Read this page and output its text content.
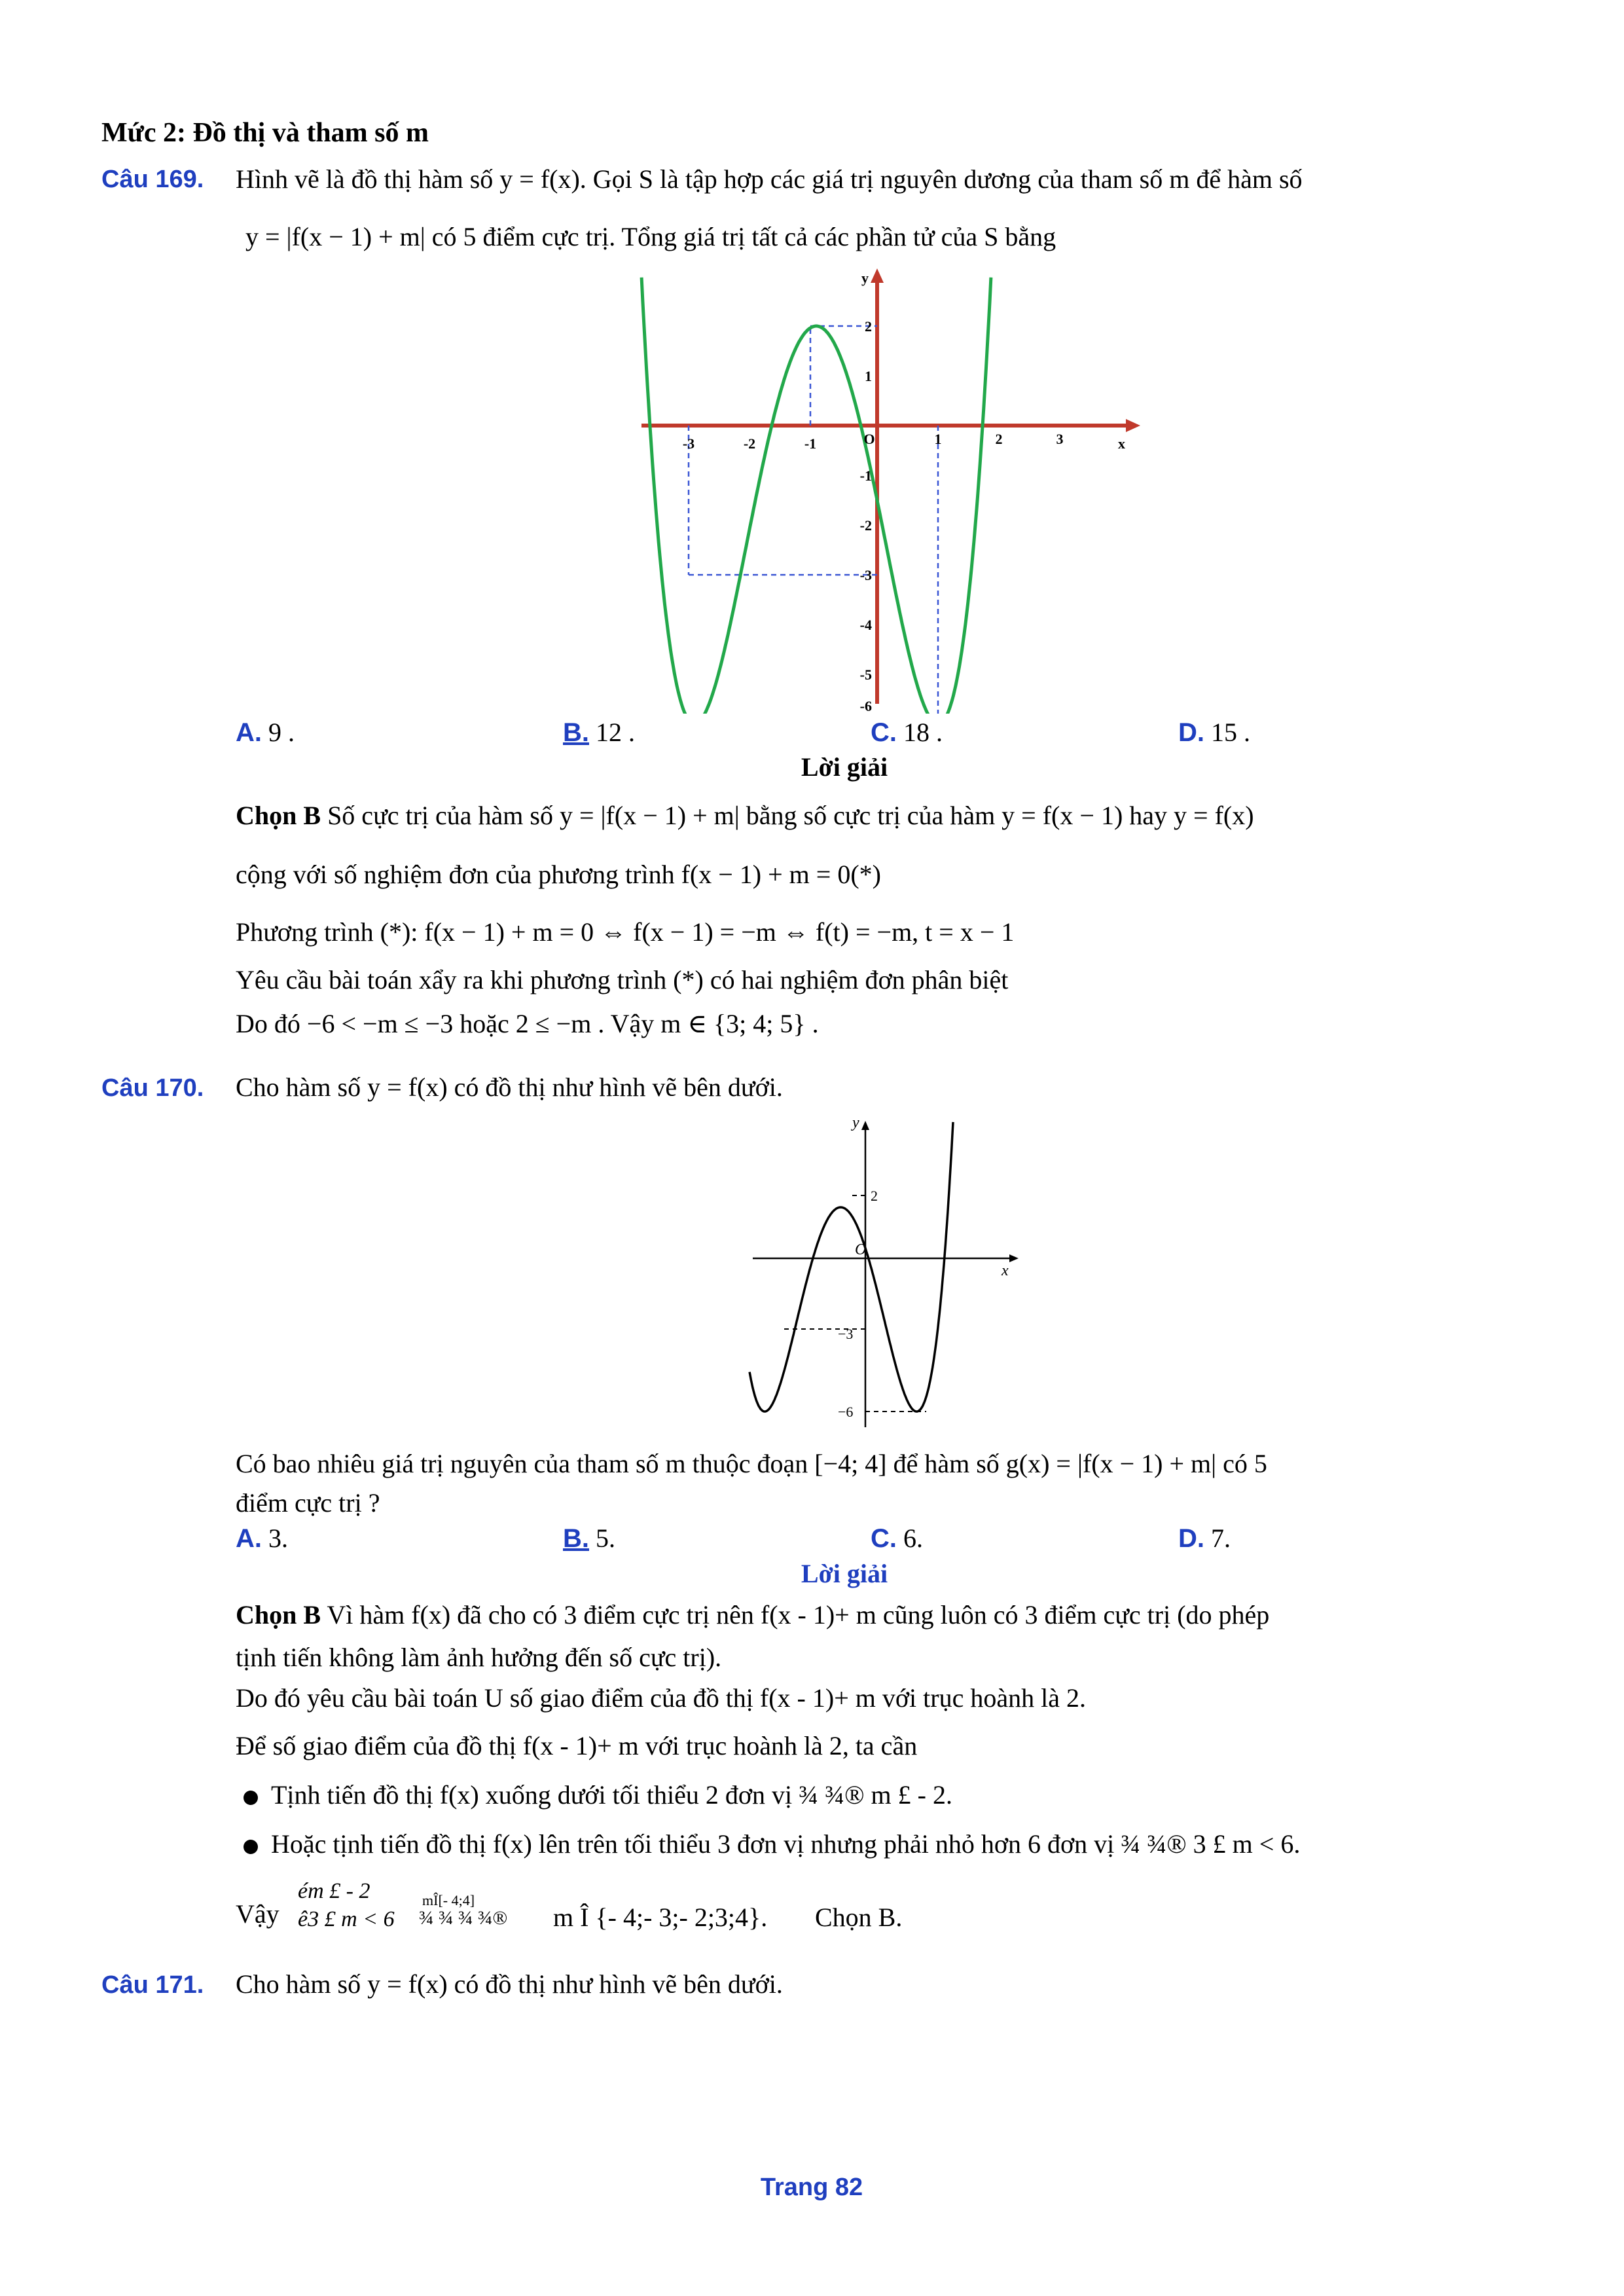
Mức 2: Đồ thị và tham số m
Câu 169. Hình vẽ là đồ thị hàm số y = f(x). Gọi S là tập hợp các giá trị nguyên dương của tham số m để hàm số
y = |f(x − 1) + m| có 5 điểm cực trị. Tổng giá trị tất cả các phần tử của S bằng
y
x
-3	-2	-1	O	1	2	3
2
1
-1
-2
-3
-4
-5
-6
A. 9 .	B. 12 .	C. 18 .	D. 15 .
Lời giải
Chọn B Số cực trị của hàm số y = |f(x − 1) + m| bằng số cực trị của hàm y = f(x − 1) hay y = f(x)
cộng với số nghiệm đơn của phương trình f(x − 1) + m = 0(*)
Phương trình (*): f(x − 1) + m = 0 ⇔ f(x − 1) = −m ⇔ f(t) = −m, t = x − 1
Yêu cầu bài toán xẩy ra khi phương trình (*) có hai nghiệm đơn phân biệt
Do đó −6 < −m ≤ −3 hoặc 2 ≤ −m . Vậy m ∈ {3; 4; 5} .
Câu 170. Cho hàm số y = f(x) có đồ thị như hình vẽ bên dưới.
y
x
O
2
−3
−6
Có bao nhiêu giá trị nguyên của tham số m thuộc đoạn [−4; 4] để hàm số g(x) = |f(x − 1) + m| có 5
điểm cực trị ?
A. 3.	B. 5.	C. 6.	D. 7.
Lời giải
Chọn B Vì hàm f(x) đã cho có 3 điểm cực trị nên f(x - 1)+ m cũng luôn có 3 điểm cực trị (do phép
tịnh tiến không làm ảnh hưởng đến số cực trị).
Do đó yêu cầu bài toán U số giao điểm của đồ thị f(x - 1)+ m với trục hoành là 2.
Để số giao điểm của đồ thị f(x - 1)+ m với trục hoành là 2, ta cần
Tịnh tiến đồ thị f(x) xuống dưới tối thiểu 2 đơn vị ¾ ¾® m £ - 2.
Hoặc tịnh tiến đồ thị f(x) lên trên tối thiểu 3 đơn vị nhưng phải nhỏ hơn 6 đơn vị ¾ ¾® 3 £ m < 6.
Vậy
ém £ - 2
ê3 £ m < 6
mÎ[- 4;4]
¾ ¾ ¾ ¾® m Î {- 4;- 3;- 2;3;4}. Chọn B.
Câu 171. Cho hàm số y = f(x) có đồ thị như hình vẽ bên dưới.
Trang 82
